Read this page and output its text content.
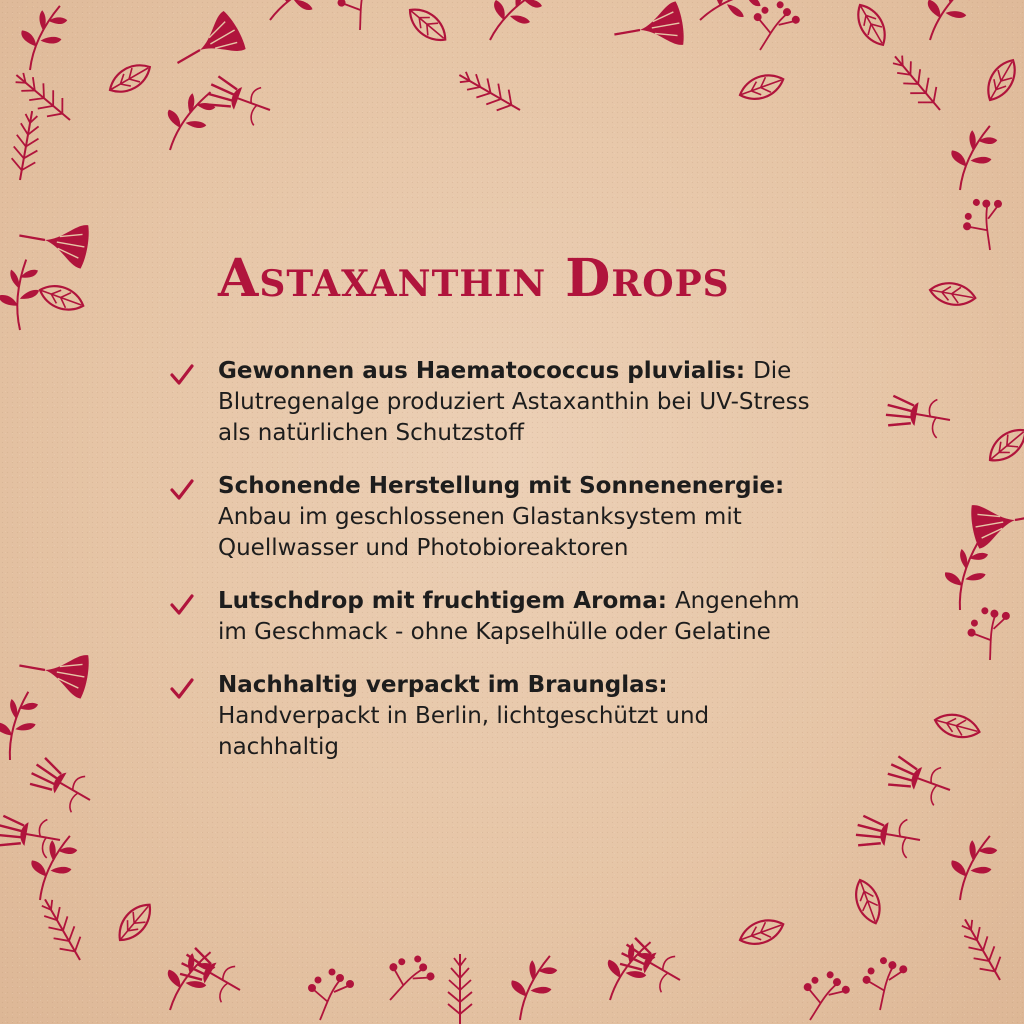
Astaxanthin Drops
Gewonnen aus Haematococcus pluvialis: Die Blutregenalge produziert Astaxanthin bei UV-Stress als natürlichen Schutzstoff
Schonende Herstellung mit Sonnenenergie: Anbau im geschlossenen Glastanksystem mit Quellwasser und Photobioreaktoren
Lutschdrop mit fruchtigem Aroma: Angenehm im Geschmack - ohne Kapselhülle oder Gelatine
Nachhaltig verpackt im Braunglas: Handverpackt in Berlin, lichtgeschützt und nachhaltig
